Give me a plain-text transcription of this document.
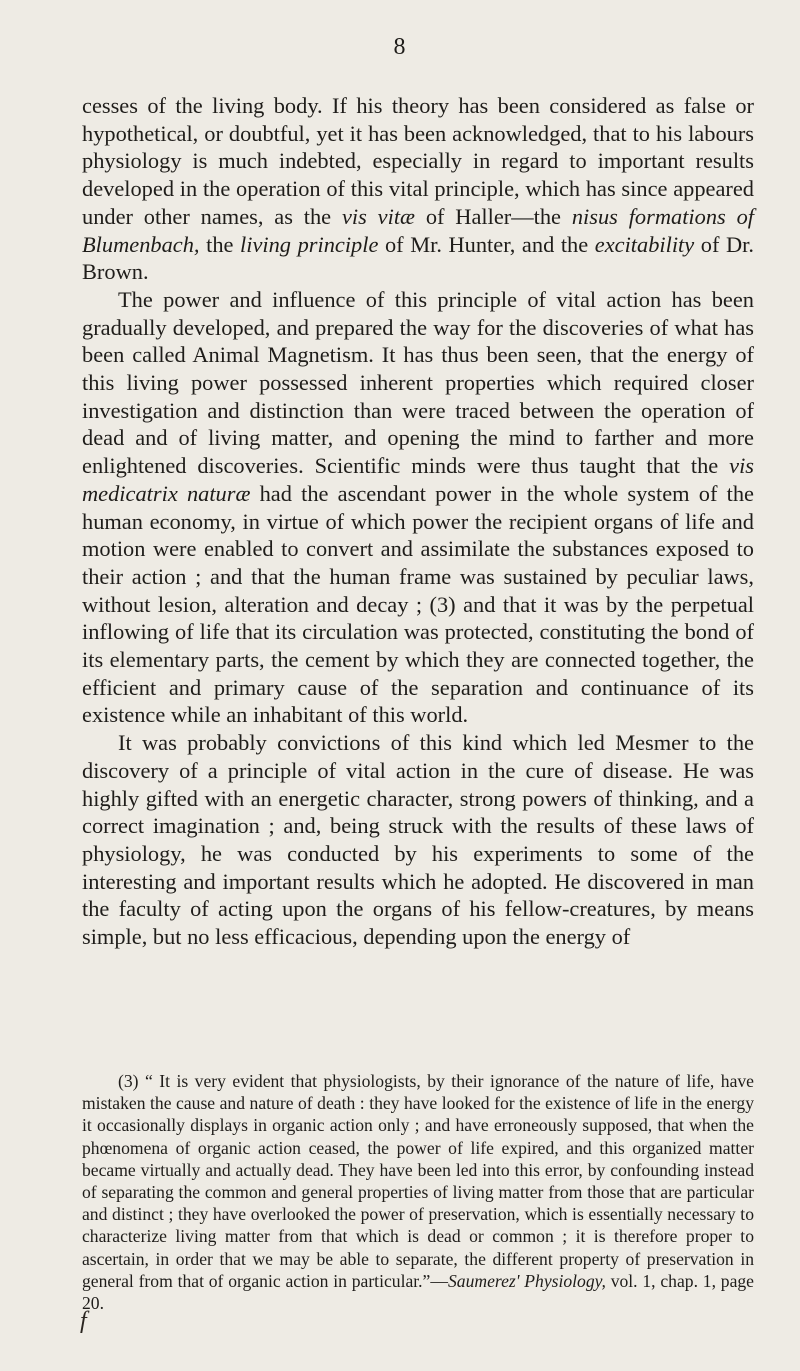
8

cesses of the living body. If his theory has been considered as false or hypothetical, or doubtful, yet it has been acknowledged, that to his labours physiology is much indebted, especially in regard to important results developed in the operation of this vital principle, which has since appeared under other names, as the vis vitæ of Haller—the nisus formations of Blumenbach, the living principle of Mr. Hunter, and the excitability of Dr. Brown.

The power and influence of this principle of vital action has been gradually developed, and prepared the way for the discoveries of what has been called Animal Magnetism. It has thus been seen, that the energy of this living power possessed inherent properties which required closer investigation and distinction than were traced between the operation of dead and of living matter, and opening the mind to farther and more enlightened discoveries. Scientific minds were thus taught that the vis medicatrix naturæ had the ascendant power in the whole system of the human economy, in virtue of which power the recipient organs of life and motion were enabled to convert and assimilate the substances exposed to their action ; and that the human frame was sustained by peculiar laws, without lesion, alteration and decay ; (3) and that it was by the perpetual inflowing of life that its circulation was protected, constituting the bond of its elementary parts, the cement by which they are connected together, the efficient and primary cause of the separation and continuance of its existence while an inhabitant of this world.

It was probably convictions of this kind which led Mesmer to the discovery of a principle of vital action in the cure of disease. He was highly gifted with an energetic character, strong powers of thinking, and a correct imagination ; and, being struck with the results of these laws of physiology, he was conducted by his experiments to some of the interesting and important results which he adopted. He discovered in man the faculty of acting upon the organs of his fellow-creatures, by means simple, but no less efficacious, depending upon the energy of

(3) “ It is very evident that physiologists, by their ignorance of the nature of life, have mistaken the cause and nature of death : they have looked for the existence of life in the energy it occasionally displays in organic action only ; and have erroneously supposed, that when the phœnomena of organic action ceased, the power of life expired, and this organized matter became virtually and actually dead. They have been led into this error, by confounding instead of separating the common and general properties of living matter from those that are particular and distinct ; they have overlooked the power of preservation, which is essentially necessary to characterize living matter from that which is dead or common ; it is therefore proper to ascertain, in order that we may be able to separate, the different property of preservation in general from that of organic action in particular.”—Saumerez' Physiology, vol. 1, chap. 1, page 20.

f
